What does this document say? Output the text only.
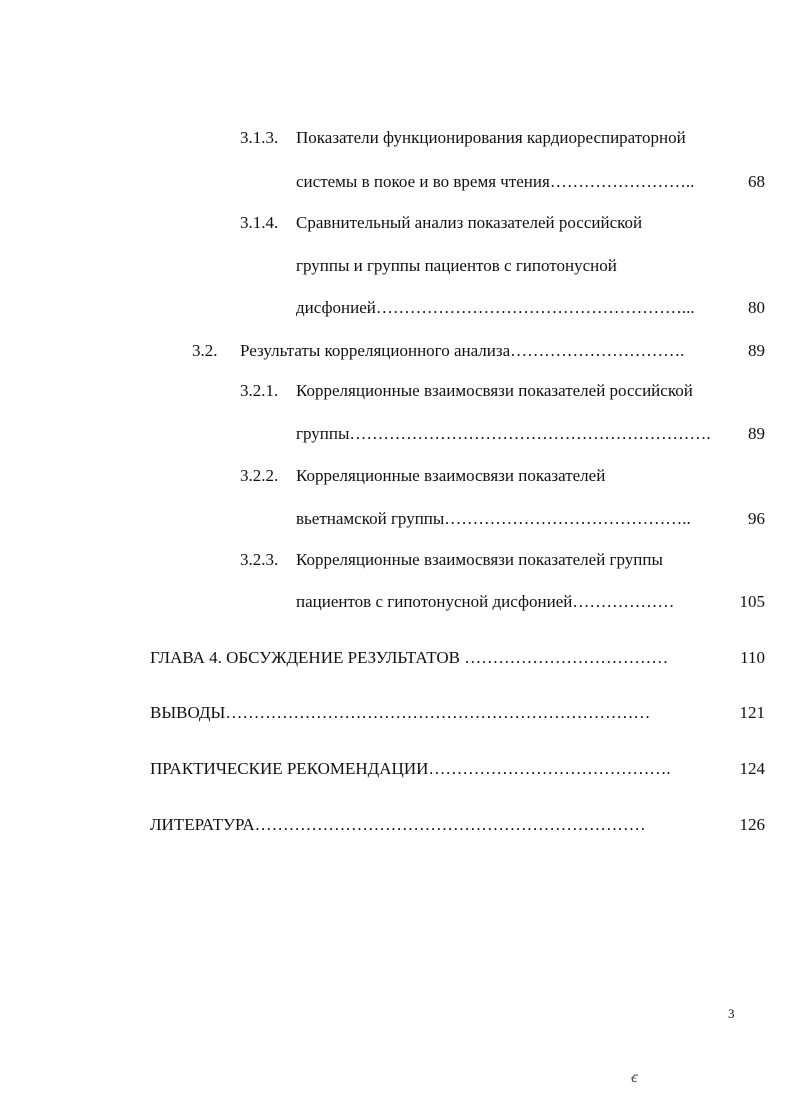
3.1.3. Показатели функционирования кардиореспираторной
системы в покое и во время чтения……………………..	68
3.1.4. Сравнительный анализ показателей российской
группы и группы пациентов с гипотонусной
дисфонией………………………………………………...	80
3.2. Результаты корреляционного анализа………………………….	89
3.2.1. Корреляционные взаимосвязи показателей российской
группы……………………………………………………….	89
3.2.2. Корреляционные взаимосвязи показателей
вьетнамской группы……………………………………..	96
3.2.3. Корреляционные взаимосвязи показателей группы
пациентов с гипотонусной дисфонией………………	105
ГЛАВА 4. ОБСУЖДЕНИЕ РЕЗУЛЬТАТОВ ………………………………	110
ВЫВОДЫ…………………………………………………………………	121
ПРАКТИЧЕСКИЕ РЕКОМЕНДАЦИИ…………………………………….	124
ЛИТЕРАТУРА……………………………………………………………	126
3
ꞓ
